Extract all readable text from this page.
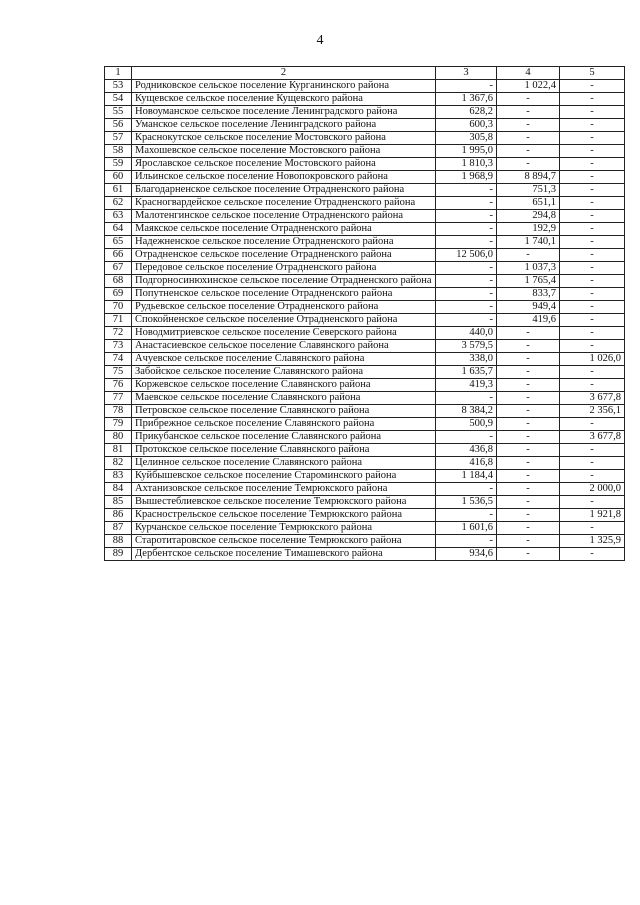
4
1	2	3	4	5
53	Родниковское сельское поселение Курганинского района	-	1 022,4	-
54	Кущевское сельское поселение Кущевского района	1 367,6	-	-
55	Новоуманское сельское поселение Ленинградского района	628,2	-	-
56	Уманское сельское поселение Ленинградского района	600,3	-	-
57	Краснокутское сельское поселение Мостовского района	305,8	-	-
58	Махошевское сельское поселение Мостовского района	1 995,0	-	-
59	Ярославское сельское поселение Мостовского района	1 810,3	-	-
60	Ильинское сельское поселение Новопокровского района	1 968,9	8 894,7	-
61	Благодарненское сельское поселение Отрадненского района	-	751,3	-
62	Красногвардейское сельское поселение Отрадненского района	-	651,1	-
63	Малотенгинское сельское поселение Отрадненского района	-	294,8	-
64	Маякское сельское поселение Отрадненского района	-	192,9	-
65	Надежненское сельское поселение Отрадненского района	-	1 740,1	-
66	Отрадненское сельское поселение Отрадненского района	12 506,0	-	-
67	Передовое сельское поселение Отрадненского района	-	1 037,3	-
68	Подгорносинюхинское сельское поселение Отрадненского района	-	1 765,4	-
69	Попутненское сельское поселение Отрадненского района	-	833,7	-
70	Рудьевское сельское поселение Отрадненского района	-	949,4	-
71	Спокойненское сельское поселение Отрадненского района	-	419,6	-
72	Новодмитриевское сельское поселение Северского района	440,0	-	-
73	Анастасиевское сельское поселение Славянского района	3 579,5	-	-
74	Ачуевское сельское поселение Славянского района	338,0	-	1 026,0
75	Забойское сельское поселение Славянского района	1 635,7	-	-
76	Коржевское сельское поселение Славянского района	419,3	-	-
77	Маевское сельское поселение Славянского района	-	-	3 677,8
78	Петровское сельское поселение Славянского района	8 384,2	-	2 356,1
79	Прибрежное сельское поселение Славянского района	500,9	-	-
80	Прикубанское сельское поселение Славянского района	-	-	3 677,8
81	Протокское сельское поселение Славянского района	436,8	-	-
82	Целинное сельское поселение Славянского района	416,8	-	-
83	Куйбышевское сельское поселение Староминского района	1 184,4	-	-
84	Ахтанизовское сельское поселение Темрюкского района	-	-	2 000,0
85	Вышестеблиевское сельское поселение Темрюкского района	1 536,5	-	-
86	Краснострельское сельское поселение Темрюкского района	-	-	1 921,8
87	Курчанское сельское поселение Темрюкского района	1 601,6	-	-
88	Старотитаровское сельское поселение Темрюкского района	-	-	1 325,9
89	Дербентское сельское поселение Тимашевского района	934,6	-	-
